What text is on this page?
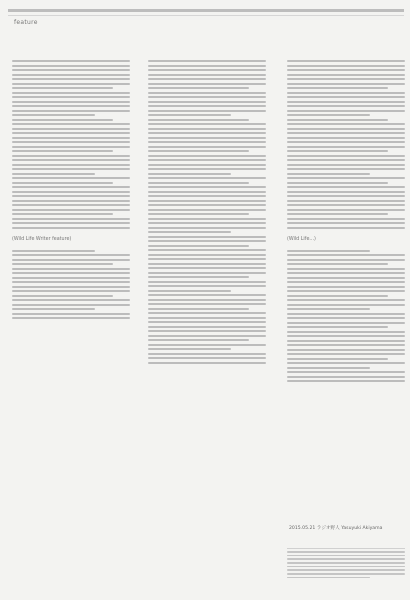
feature
(Wild Life Writer feature)	(Wild Life...)
2015.05.21 ラジオ野人 Yasuyuki Akiyama
